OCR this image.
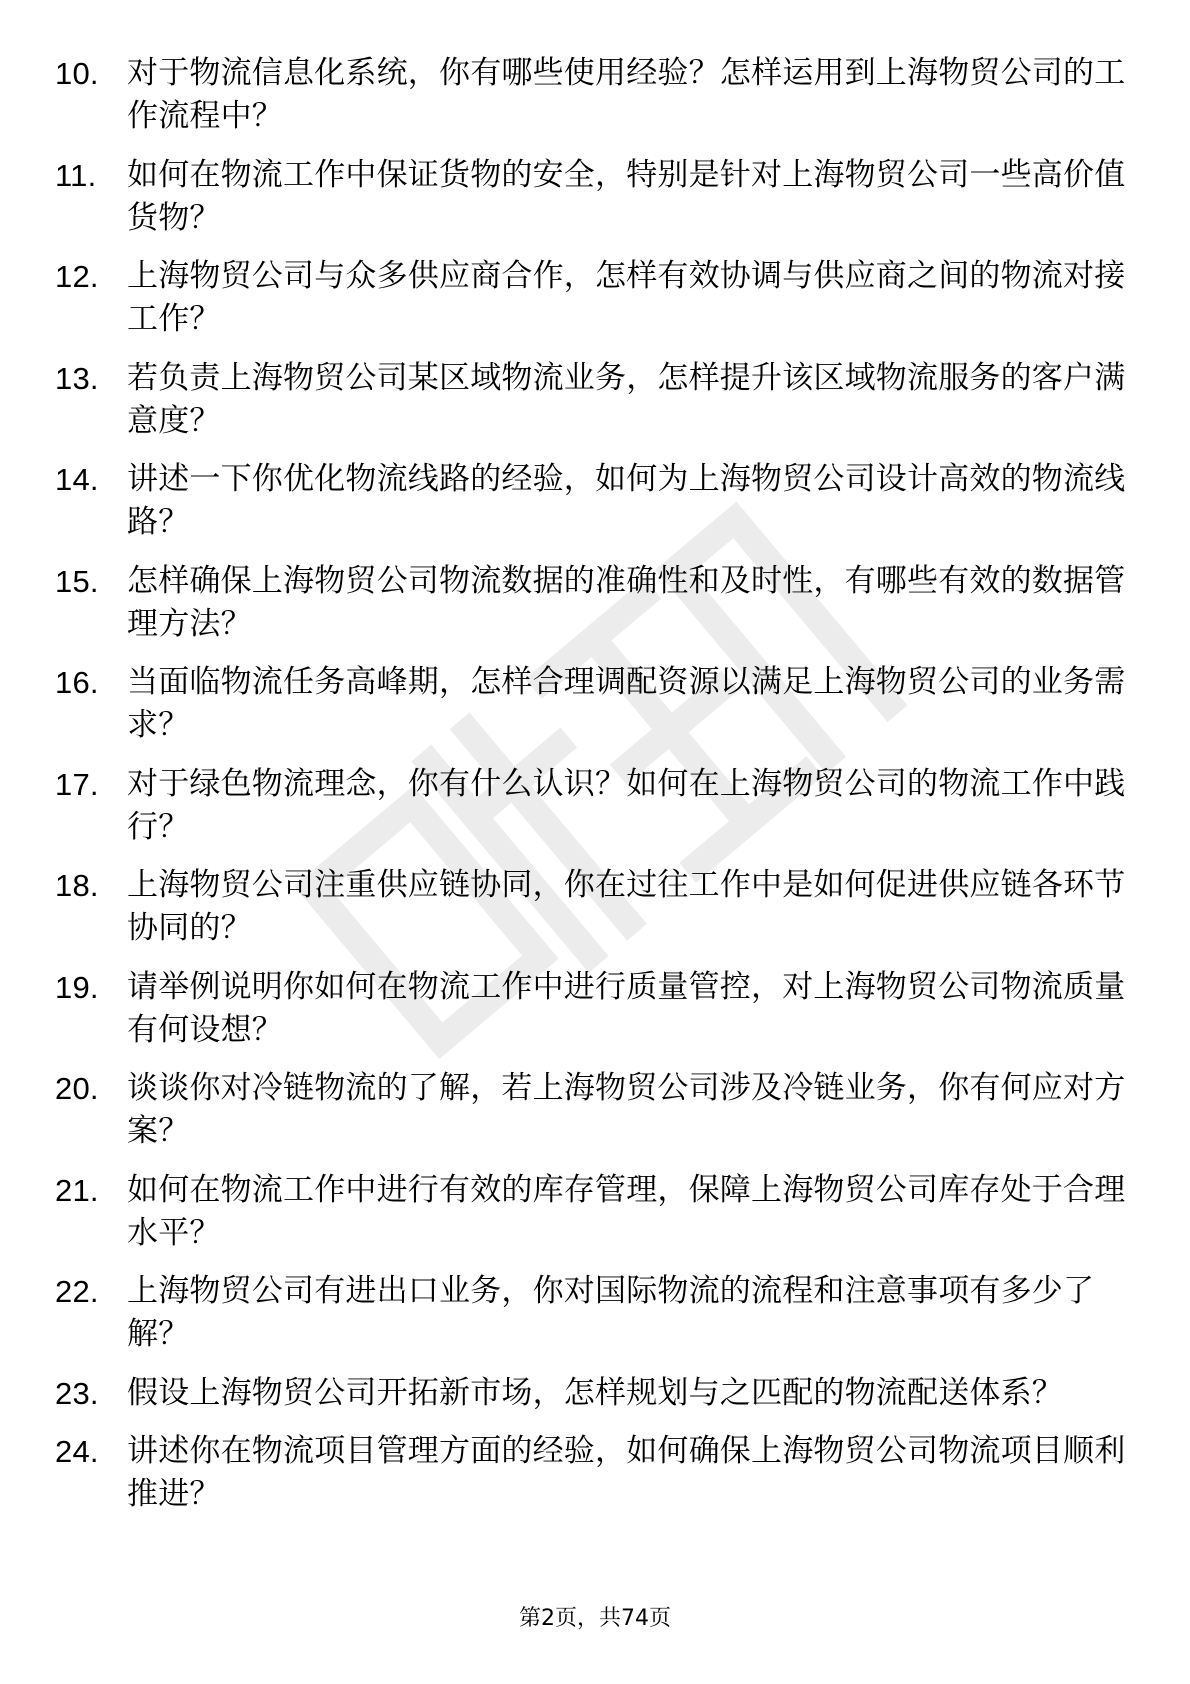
10. 对于物流信息化系统，你有哪些使用经验？怎样运用到上海物贸公司的工作流程中？
11. 如何在物流工作中保证货物的安全，特别是针对上海物贸公司一些高价值货物？
12. 上海物贸公司与众多供应商合作，怎样有效协调与供应商之间的物流对接工作？
13. 若负责上海物贸公司某区域物流业务，怎样提升该区域物流服务的客户满意度？
14. 讲述一下你优化物流线路的经验，如何为上海物贸公司设计高效的物流线路？
15. 怎样确保上海物贸公司物流数据的准确性和及时性，有哪些有效的数据管理方法？
16. 当面临物流任务高峰期，怎样合理调配资源以满足上海物贸公司的业务需求？
17. 对于绿色物流理念，你有什么认识？如何在上海物贸公司的物流工作中践行？
18. 上海物贸公司注重供应链协同，你在过往工作中是如何促进供应链各环节协同的？
19. 请举例说明你如何在物流工作中进行质量管控，对上海物贸公司物流质量有何设想？
20. 谈谈你对冷链物流的了解，若上海物贸公司涉及冷链业务，你有何应对方案？
21. 如何在物流工作中进行有效的库存管理，保障上海物贸公司库存处于合理水平？
22. 上海物贸公司有进出口业务，你对国际物流的流程和注意事项有多少了解？
23. 假设上海物贸公司开拓新市场，怎样规划与之匹配的物流配送体系？
24. 讲述你在物流项目管理方面的经验，如何确保上海物贸公司物流项目顺利推进？
第2页，共74页
